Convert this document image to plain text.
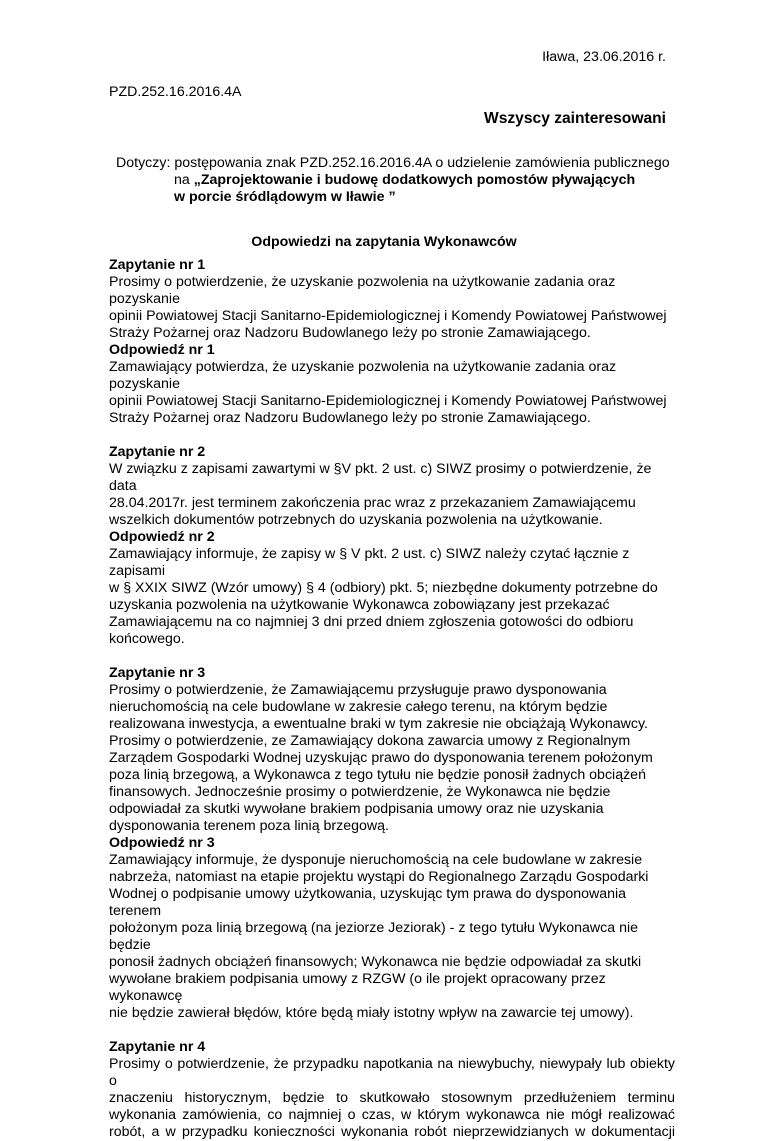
Iława, 23.06.2016 r.
PZD.252.16.2016.4A
Wszyscy zainteresowani
Dotyczy: postępowania znak PZD.252.16.2016.4A o udzielenie zamówienia publicznego
na „Zaprojektowanie i budowę dodatkowych pomostów pływających
w porcie śródlądowym w Iławie ”
Odpowiedzi na zapytania Wykonawców

Zapytanie nr 1

Prosimy o potwierdzenie, że uzyskanie pozwolenia na użytkowanie zadania oraz pozyskanie

opinii Powiatowej Stacji Sanitarno-Epidemiologicznej i Komendy Powiatowej Państwowej

Straży Pożarnej oraz Nadzoru Budowlanego leży po stronie Zamawiającego.

Odpowiedź nr 1

Zamawiający potwierdza, że uzyskanie pozwolenia na użytkowanie zadania oraz pozyskanie

opinii Powiatowej Stacji Sanitarno-Epidemiologicznej i Komendy Powiatowej Państwowej

Straży Pożarnej oraz Nadzoru Budowlanego leży po stronie Zamawiającego.

Zapytanie nr 2

W związku z zapisami zawartymi w §V pkt. 2 ust. c) SIWZ prosimy o potwierdzenie, że data

28.04.2017r. jest terminem zakończenia prac wraz z przekazaniem Zamawiającemu

wszelkich dokumentów potrzebnych do uzyskania pozwolenia na użytkowanie.

Odpowiedź nr 2

Zamawiający informuje, że zapisy w § V pkt. 2 ust. c) SIWZ należy czytać łącznie z zapisami

w § XXIX SIWZ (Wzór umowy) § 4 (odbiory) pkt. 5; niezbędne dokumenty potrzebne do

uzyskania pozwolenia na użytkowanie Wykonawca zobowiązany jest przekazać

Zamawiającemu na co najmniej 3 dni przed dniem zgłoszenia gotowości do odbioru

końcowego.

Zapytanie nr 3

Prosimy o potwierdzenie, że Zamawiającemu przysługuje prawo dysponowania

nieruchomością na cele budowlane w zakresie całego terenu, na którym będzie

realizowana inwestycja, a ewentualne braki w tym zakresie nie obciążają Wykonawcy.

Prosimy o potwierdzenie, ze Zamawiający dokona zawarcia umowy z Regionalnym

Zarządem Gospodarki Wodnej uzyskując prawo do dysponowania terenem położonym

poza linią brzegową, a Wykonawca z tego tytułu nie będzie ponosił żadnych obciążeń

finansowych. Jednocześnie prosimy o potwierdzenie, że Wykonawca nie będzie

odpowiadał za skutki wywołane brakiem podpisania umowy oraz nie uzyskania

dysponowania terenem poza linią brzegową.

Odpowiedź nr 3

Zamawiający informuje, że dysponuje nieruchomością na cele budowlane w zakresie

nabrzeża, natomiast na etapie projektu wystąpi do Regionalnego Zarządu Gospodarki

Wodnej o podpisanie umowy użytkowania, uzyskując tym prawa do dysponowania terenem

położonym poza linią brzegową (na jeziorze Jeziorak) - z tego tytułu Wykonawca nie będzie

ponosił żadnych obciążeń finansowych; Wykonawca nie będzie odpowiadał za skutki

wywołane brakiem podpisania umowy z RZGW (o ile projekt opracowany przez wykonawcę

nie będzie zawierał błędów, które będą miały istotny wpływ na zawarcie tej umowy).

Zapytanie nr 4

Prosimy o potwierdzenie, że przypadku napotkania na niewybuchy, niewypały lub obiekty o

znaczeniu historycznym, będzie to skutkowało stosownym przedłużeniem terminu

wykonania zamówienia, co najmniej o czas, w którym wykonawca nie mógł realizować

robót, a w przypadku konieczności wykonania robót nieprzewidzianych w dokumentacji
